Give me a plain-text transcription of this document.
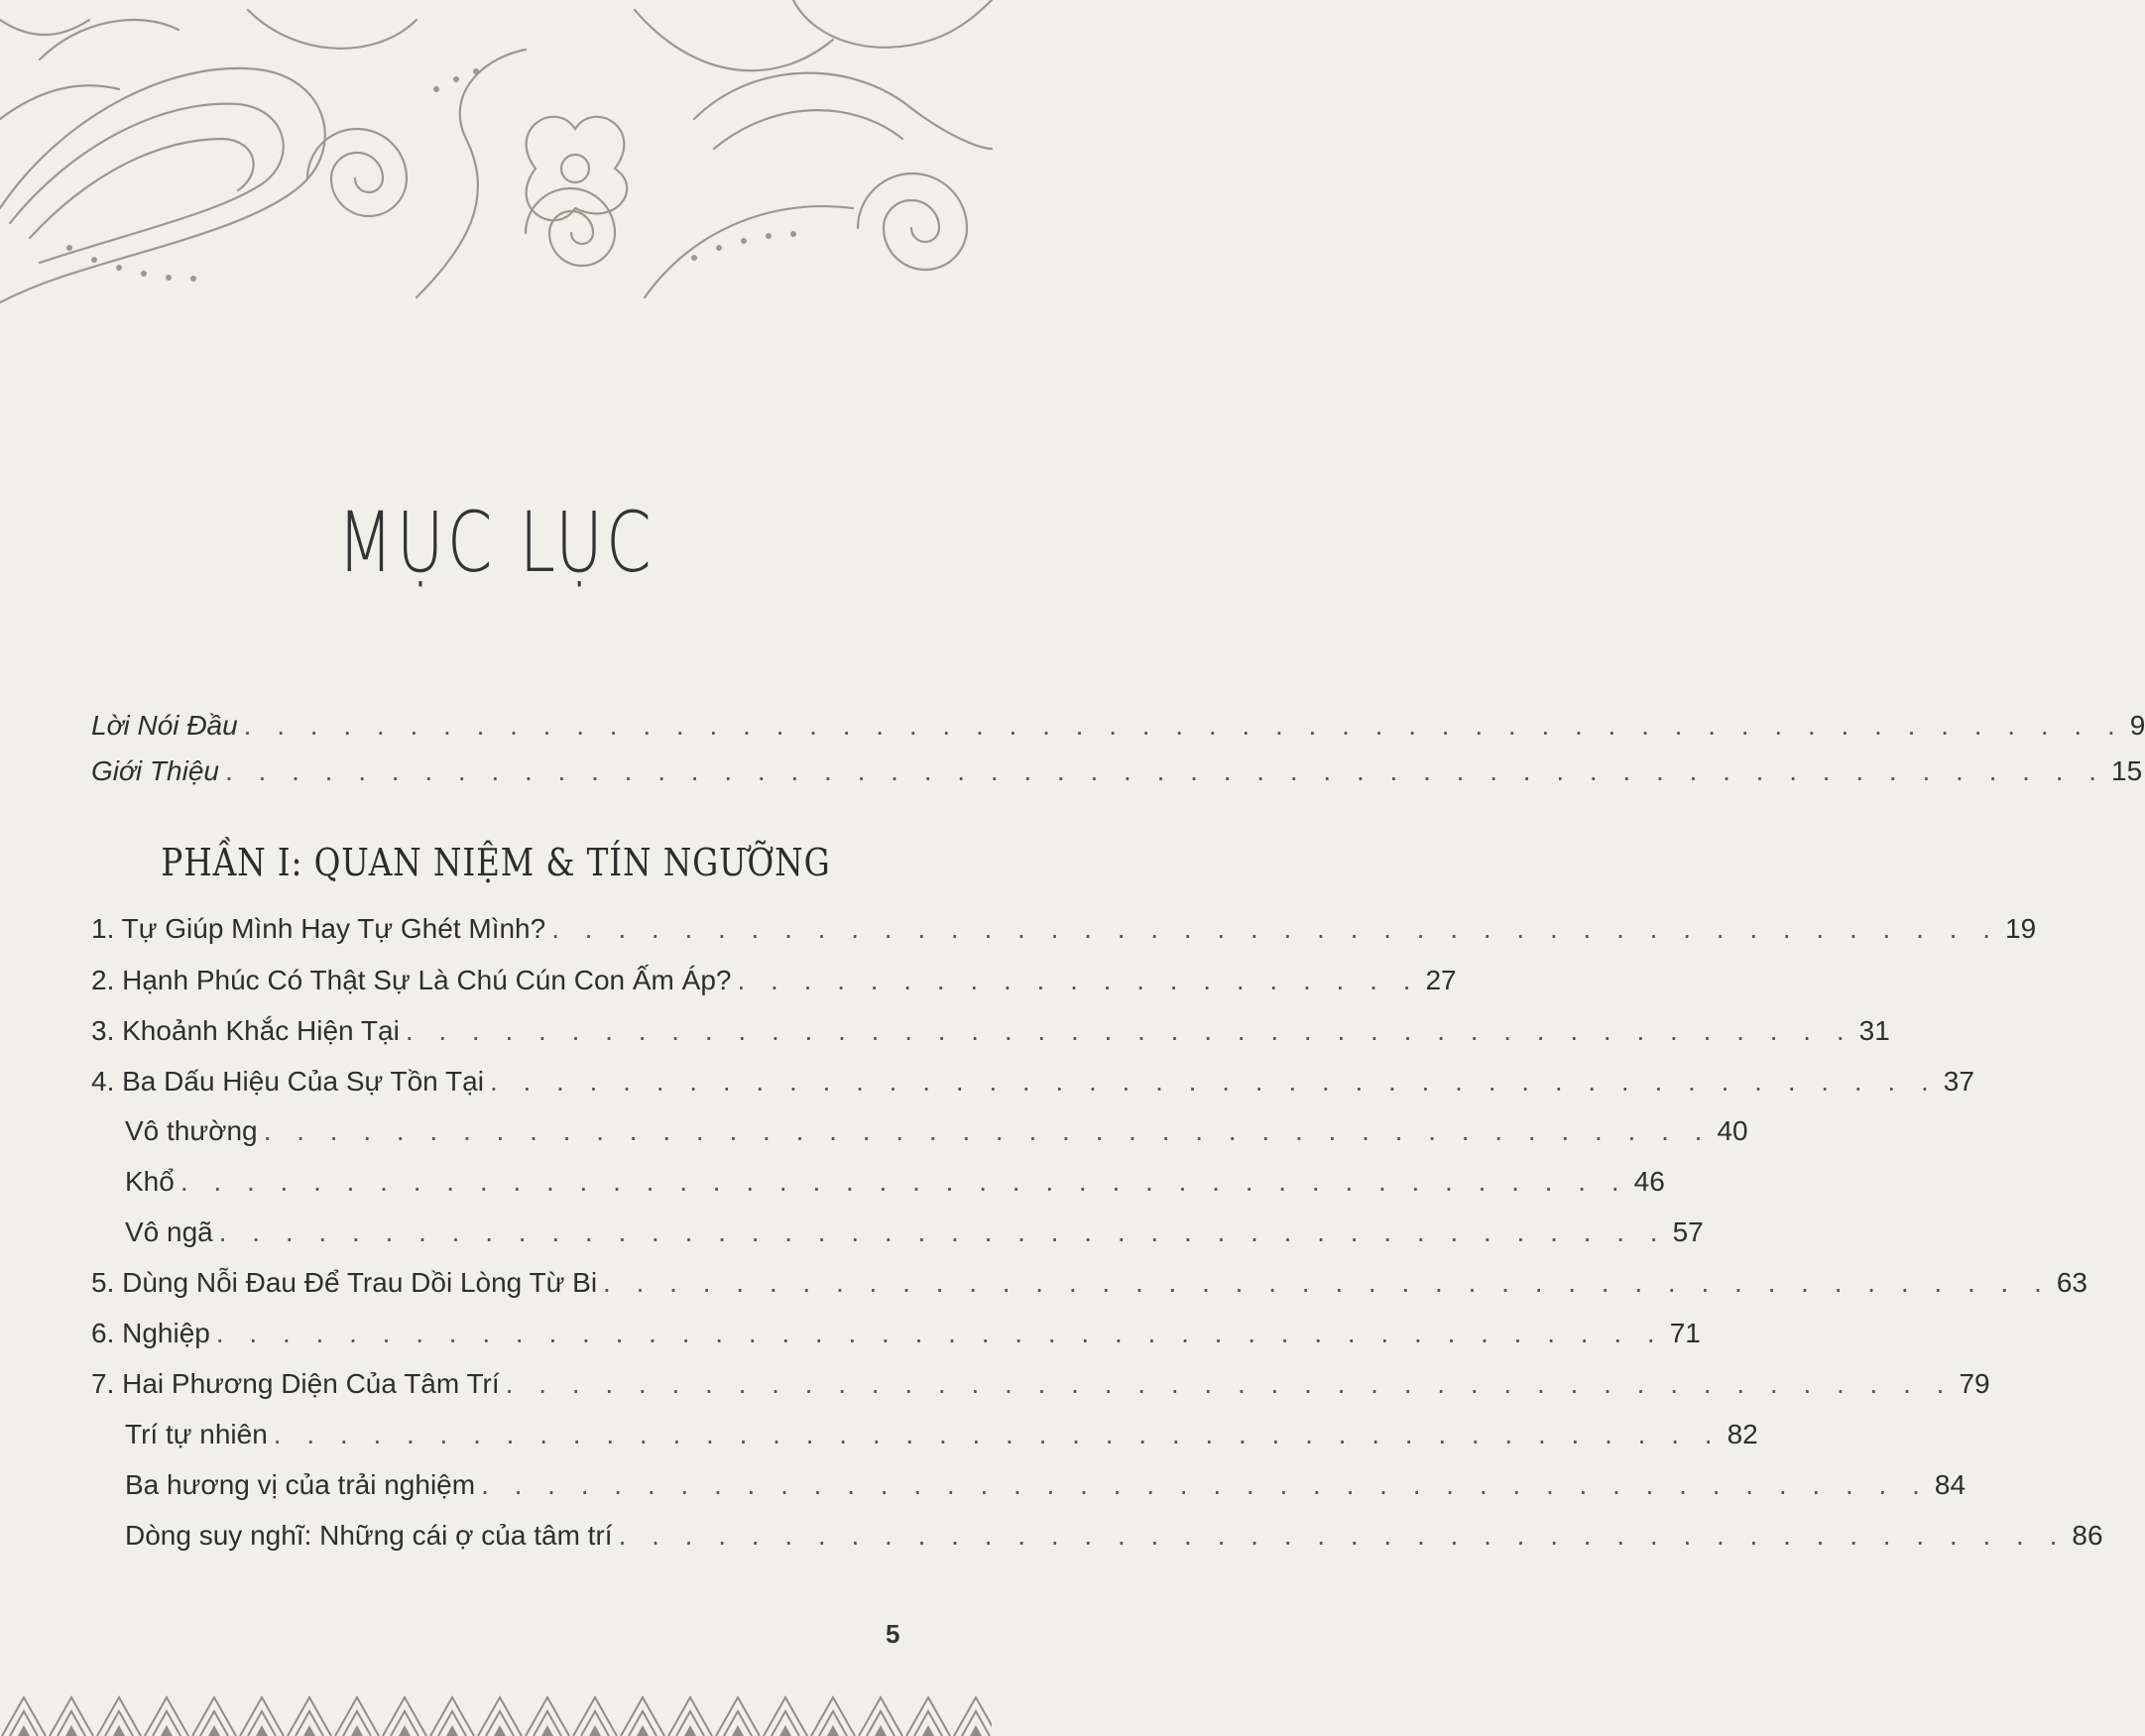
MỤC LỤC
Lời Nói Đầu . . . . . . . . . . . . . . . . . . . . . . . . . . . . . . . . . . . . . . . . . . . . . . . . . . . . . . . . . 9
Giới Thiệu . . . . . . . . . . . . . . . . . . . . . . . . . . . . . . . . . . . . . . . . . . . . . . . . . . . . . . . . . 15
PHẦN I: QUAN NIỆM & TÍN NGƯỠNG
1. Tự Giúp Mình Hay Tự Ghét Mình? . . . . . . . . . . . . . . . . . . . . . . . . . . . . . . . . . . . . . . . . . . . . 19
2. Hạnh Phúc Có Thật Sự Là Chú Cún Con Ấm Áp? . . . . . . . . . . . . . . . . . . . . . 27
3. Khoảnh Khắc Hiện Tại . . . . . . . . . . . . . . . . . . . . . . . . . . . . . . . . . . . . . . . . . . . . 31
4. Ba Dấu Hiệu Của Sự Tồn Tại . . . . . . . . . . . . . . . . . . . . . . . . . . . . . . . . . . . . . . . . . . . . 37
Vô thường . . . . . . . . . . . . . . . . . . . . . . . . . . . . . . . . . . . . . . . . . . . . 40
Khổ . . . . . . . . . . . . . . . . . . . . . . . . . . . . . . . . . . . . . . . . . . . . 46
Vô ngã . . . . . . . . . . . . . . . . . . . . . . . . . . . . . . . . . . . . . . . . . . . . 57
5. Dùng Nỗi Đau Để Trau Dồi Lòng Từ Bi . . . . . . . . . . . . . . . . . . . . . . . . . . . . . . . . . . . . . . . . . . . . 63
6. Nghiệp . . . . . . . . . . . . . . . . . . . . . . . . . . . . . . . . . . . . . . . . . . . . 71
7. Hai Phương Diện Của Tâm Trí . . . . . . . . . . . . . . . . . . . . . . . . . . . . . . . . . . . . . . . . . . . . 79
Trí tự nhiên . . . . . . . . . . . . . . . . . . . . . . . . . . . . . . . . . . . . . . . . . . . . 82
Ba hương vị của trải nghiệm . . . . . . . . . . . . . . . . . . . . . . . . . . . . . . . . . . . . . . . . . . . . 84
Dòng suy nghĩ: Những cái ợ của tâm trí . . . . . . . . . . . . . . . . . . . . . . . . . . . . . . . . . . . . . . . . . . . . 86
5
